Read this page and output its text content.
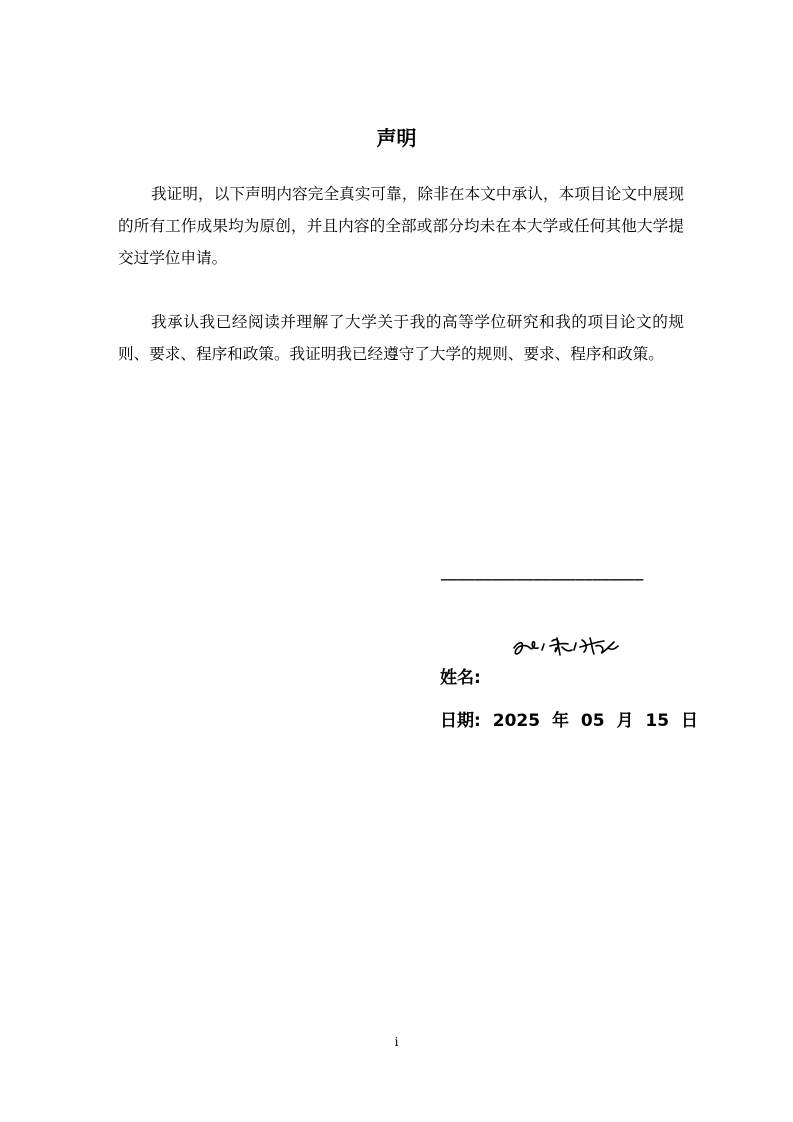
声明

我证明，以下声明内容完全真实可靠，除非在本文中承认，本项目论文中展现的所有工作成果均为原创，并且内容的全部或部分均未在本大学或任何其他大学提交过学位申请。

我承认我已经阅读并理解了大学关于我的高等学位研究和我的项目论文的规则、要求、程序和政策。我证明我已经遵守了大学的规则、要求、程序和政策。

________________________
姓名:
日期: 2025 年 05 月 15 日
i
